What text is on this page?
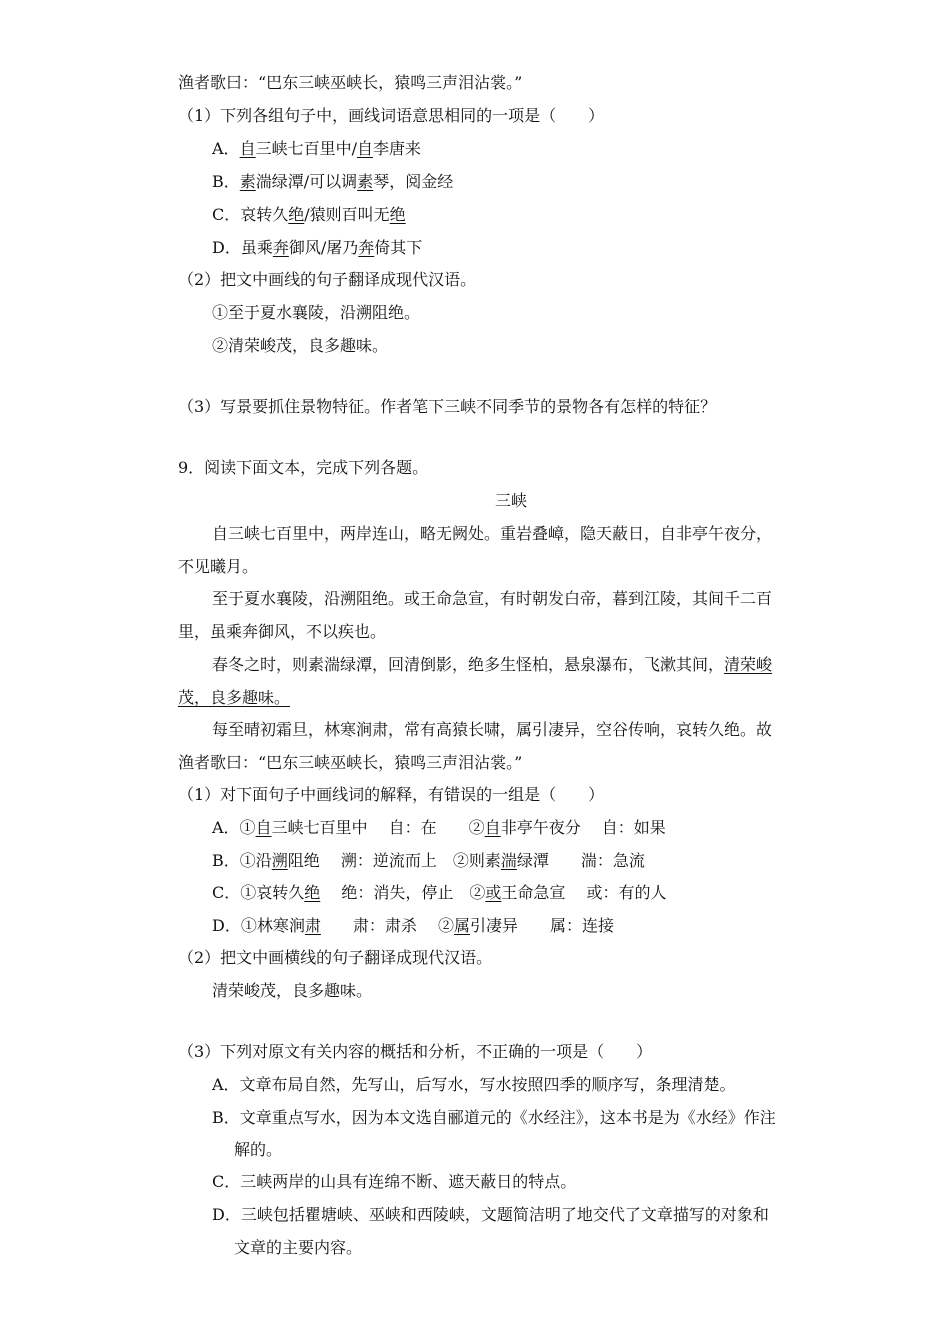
渔者歌曰：“巴东三峡巫峡长，猿鸣三声泪沾裳。”
（1）下列各组句子中，画线词语意思相同的一项是（　　）
A．自三峡七百里中/自李唐来
B．素湍绿潭/可以调素琴，阅金经
C．哀转久绝/猿则百叫无绝
D．虽乘奔御风/屠乃奔倚其下
（2）把文中画线的句子翻译成现代汉语。
①至于夏水襄陵，沿溯阻绝。
②清荣峻茂，良多趣味。
（3）写景要抓住景物特征。作者笔下三峡不同季节的景物各有怎样的特征？
9．阅读下面文本，完成下列各题。
三峡
自三峡七百里中，两岸连山，略无阙处。重岩叠嶂，隐天蔽日，自非亭午夜分，
不见曦月。
至于夏水襄陵，沿溯阻绝。或王命急宣，有时朝发白帝，暮到江陵，其间千二百
里，虽乘奔御风，不以疾也。
春冬之时，则素湍绿潭，回清倒影，绝多生怪柏，悬泉瀑布，飞漱其间，清荣峻
茂，良多趣味。
每至晴初霜旦，林寒涧肃，常有高猿长啸，属引凄异，空谷传响，哀转久绝。故
渔者歌曰：“巴东三峡巫峡长，猿鸣三声泪沾裳。”
（1）对下面句子中画线词的解释，有错误的一组是（　　）
A．①自三峡七百里中　 自：在　　②自非亭午夜分　 自：如果
B．①沿溯阻绝　 溯：逆流而上　②则素湍绿潭　　湍：急流
C．①哀转久绝　 绝：消失，停止　②或王命急宣　 或：有的人
D．①林寒涧肃　　肃：肃杀　 ②属引凄异　　属：连接
（2）把文中画横线的句子翻译成现代汉语。
清荣峻茂，良多趣味。
（3）下列对原文有关内容的概括和分析，不正确的一项是（　　）
A．文章布局自然，先写山，后写水，写水按照四季的顺序写，条理清楚。
B．文章重点写水，因为本文选自郦道元的《水经注》，这本书是为《水经》作注
解的。
C．三峡两岸的山具有连绵不断、遮天蔽日的特点。
D．三峡包括瞿塘峡、巫峡和西陵峡，文题简洁明了地交代了文章描写的对象和
文章的主要内容。
